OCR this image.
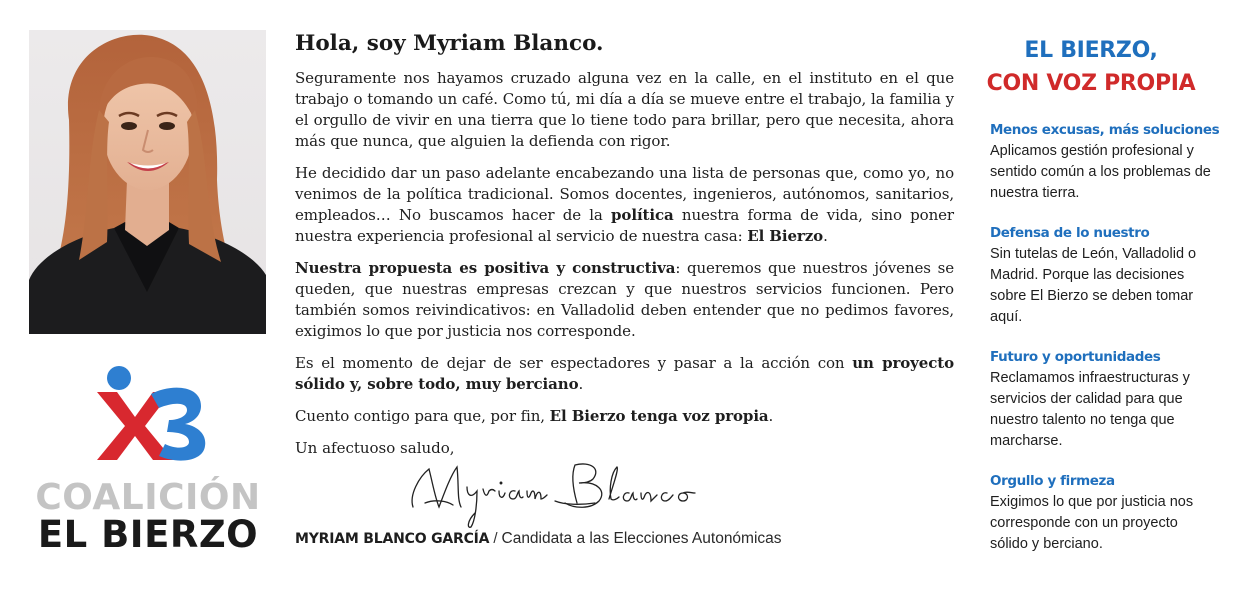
COALICIÓN
EL BIERZO
Hola, soy Myriam Blanco.

Seguramente nos hayamos cruzado alguna vez en la calle, en el instituto en el que trabajo o tomando un café. Como tú, mi día a día se mueve entre el trabajo, la familia y el orgullo de vivir en una tierra que lo tiene todo para brillar, pero que necesita, ahora más que nunca, que alguien la defienda con rigor.

He decidido dar un paso adelante encabezando una lista de personas que, como yo, no venimos de la política tradicional. Somos docentes, ingenieros, autónomos, sanitarios, empleados… No buscamos hacer de la política nuestra forma de vida, sino poner nuestra experiencia profesional al servicio de nuestra casa: El Bierzo.

Nuestra propuesta es positiva y constructiva: queremos que nuestros jóvenes se queden, que nuestras empresas crezcan y que nuestros servicios funcionen. Pero también somos reivindicativos: en Valladolid deben entender que no pedimos favores, exigimos lo que por justicia nos corresponde.

Es el momento de dejar de ser espectadores y pasar a la acción con un proyecto sólido y, sobre todo, muy berciano.

Cuento contigo para que, por fin, El Bierzo tenga voz propia.

Un afectuoso saludo,

MYRIAM BLANCO GARCÍA / Candidata a las Elecciones Autonómicas
EL BIERZO,
CON VOZ PROPIA
Menos excusas, más soluciones
Aplicamos gestión profesional y sentido común a los problemas de nuestra tierra.
Defensa de lo nuestro
Sin tutelas de León, Valladolid o Madrid. Porque las decisiones sobre El Bierzo se deben tomar aquí.
Futuro y oportunidades
Reclamamos infraestructuras y servicios der calidad para que nuestro talento no tenga que marcharse.
Orgullo y firmeza
Exigimos lo que por justicia nos corresponde con un proyecto sólido y berciano.
